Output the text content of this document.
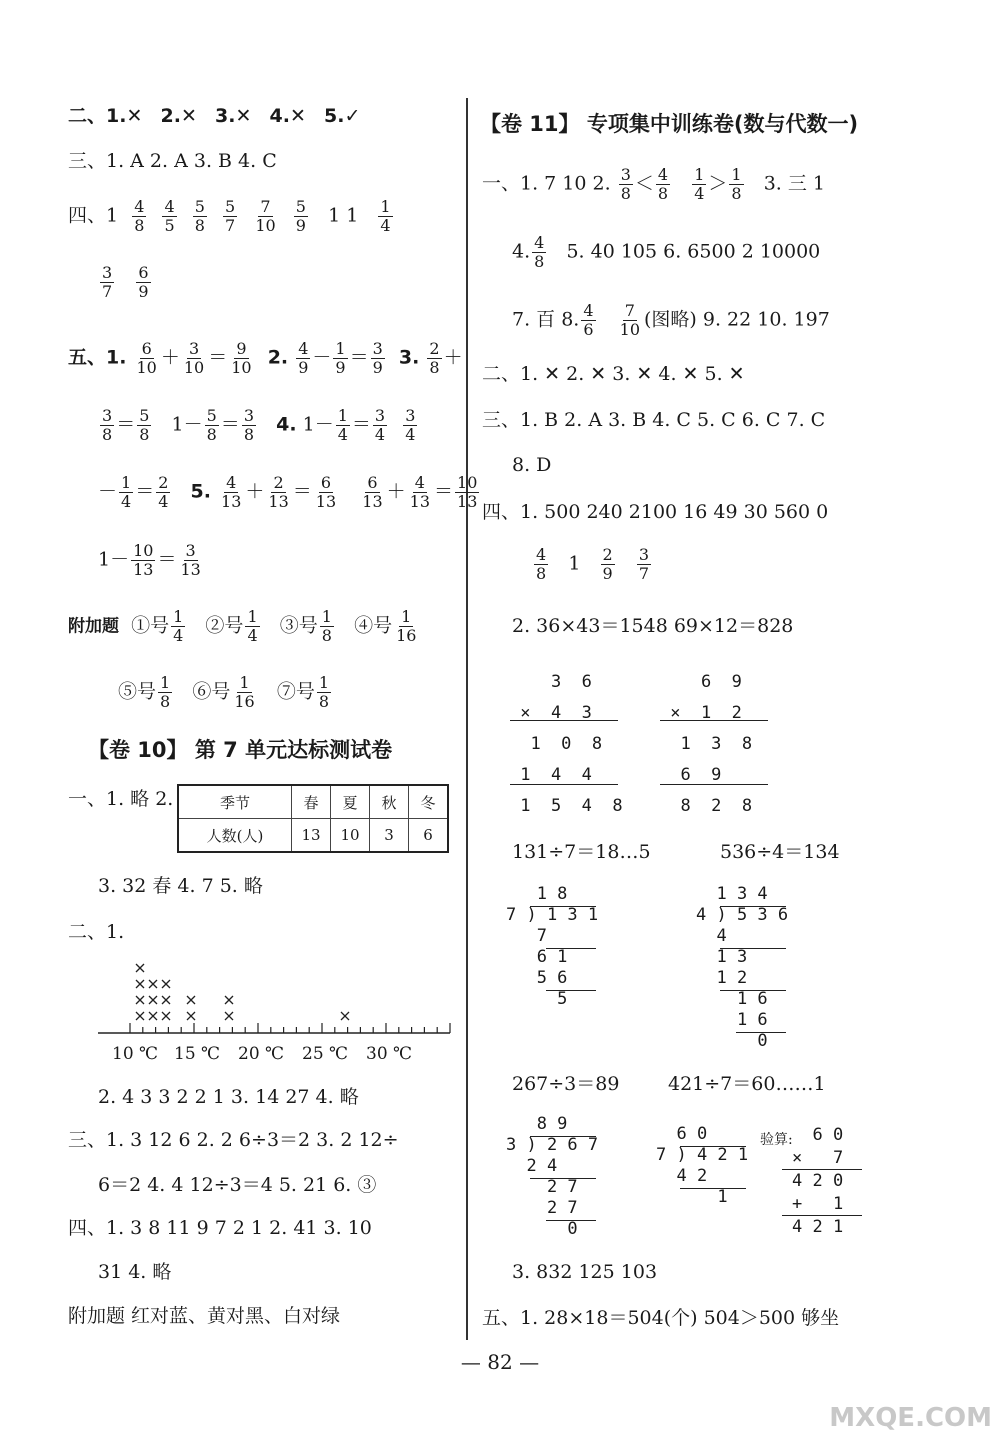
二、1.✕ 2.✕ 3.✕ 4.✕ 5.✓
三、1. A 2. A 3. B 4. C
四、$1 \frac{4}{8}$
$\frac{4}{5}$
$\frac{5}{8}$
$\frac{5}{7}$
$\frac{7}{10}$
$\frac{5}{9} 1$ $1 \frac{1}{4}$
$\frac{3}{7}$
$\frac{6}{9}$
五、1. $\frac{6}{10} + \frac{3}{10} = \frac{9}{10} 2$. $\frac{4}{9} - \frac{1}{9} = \frac{3}{9} 3$. $\frac{2}{8}$ ＋
$\frac{3}{8} = \frac{5}{8} 1- \frac{5}{8} = \frac{3}{8} 4$. $1- \frac{1}{4} = \frac{3}{4}$
$\frac{3}{4}$
－ $\frac{1}{4} = \frac{2}{4} 5$. $\frac{4}{13} + \frac{2}{13} = \frac{6}{13}$
$\frac{6}{13} + \frac{4}{13} = \frac{10}{13}$
$1- \frac{10}{13} = \frac{3}{13}$
附加题 ①号 $\frac{1}{4}$ ②号 $\frac{1}{4}$ ③号 $\frac{1}{8}$ ④号 $\frac{1}{16}$
⑤号 $\frac{1}{8}$ ⑥号 $\frac{1}{16}$ ⑦号 $\frac{1}{8}$
【卷 10】 第 7 单元达标测试卷
一、1. 略 2.	季节	春	夏	秋	冬
人数(人)	13	10	3	6
3. 32 春 4. 7 5. 略
二、1.
10 ℃ 15 ℃ 20 ℃ 25 ℃ 30 ℃
2. 4 3 3 2 2 1 3. 14 27 4. 略
三、1. 3 12 6 2. 2 6÷3＝2 3. 2 12÷
6＝2 4. 4 12÷3＝4 5. 21 6. ③
四、1. 3 8 11 9 7 2 1 2. 41 3. 10
31 4. 略
附加题 红对蓝、黄对黑、白对绿
【卷 11】 专项集中训练卷(数与代数一)
一、1. 7 10 2. $\frac{3}{8} < \frac{4}{8}$
$\frac{1}{4} > \frac{1}{8} 3$. 三 1
4. $\frac{4}{8} 5$. 40 105 6. 6500 2 10000
7. 百 8. $\frac{4}{6}$
$\frac{7}{10}$ (图略) 9. 22 10. 197
二、1. ✕ 2. ✕ 3. ✕ 4. ✕ 5. ✕
三、1. B 2. A 3. B 4. C 5. C 6. C 7. C
8. D
四、1. 500 240 2100 16 49 30 560 0
$\frac{4}{8} 1 \frac{2}{9}$
$\frac{3}{7}$
2. 36×43＝1548 69×12＝828
3  6
×  4  3
1  0  8
1  4  4
1  5  4  8
6  9
×  1  2
1  3  8
6  9
8  2  8
131÷7＝18…5	536÷4＝134
1 8
7 ) 1 3 1
7
6 1
5 6
5
1 3 4
4 ) 5 3 6
4
1 3
1 2
1 6
1 6
0
267÷3＝89	421÷7＝60……1
8 9
3 ) 2 6 7
2 4
2 7
2 7
0
6 0
7 ) 4 2 1
4 2
1
验算: 6 0
×   7
4 2 0
+   1
4 2 1
3. 832 125 103
五、1. 28×18＝504(个) 504＞500 够坐
— 82 —
MXQE.COM
